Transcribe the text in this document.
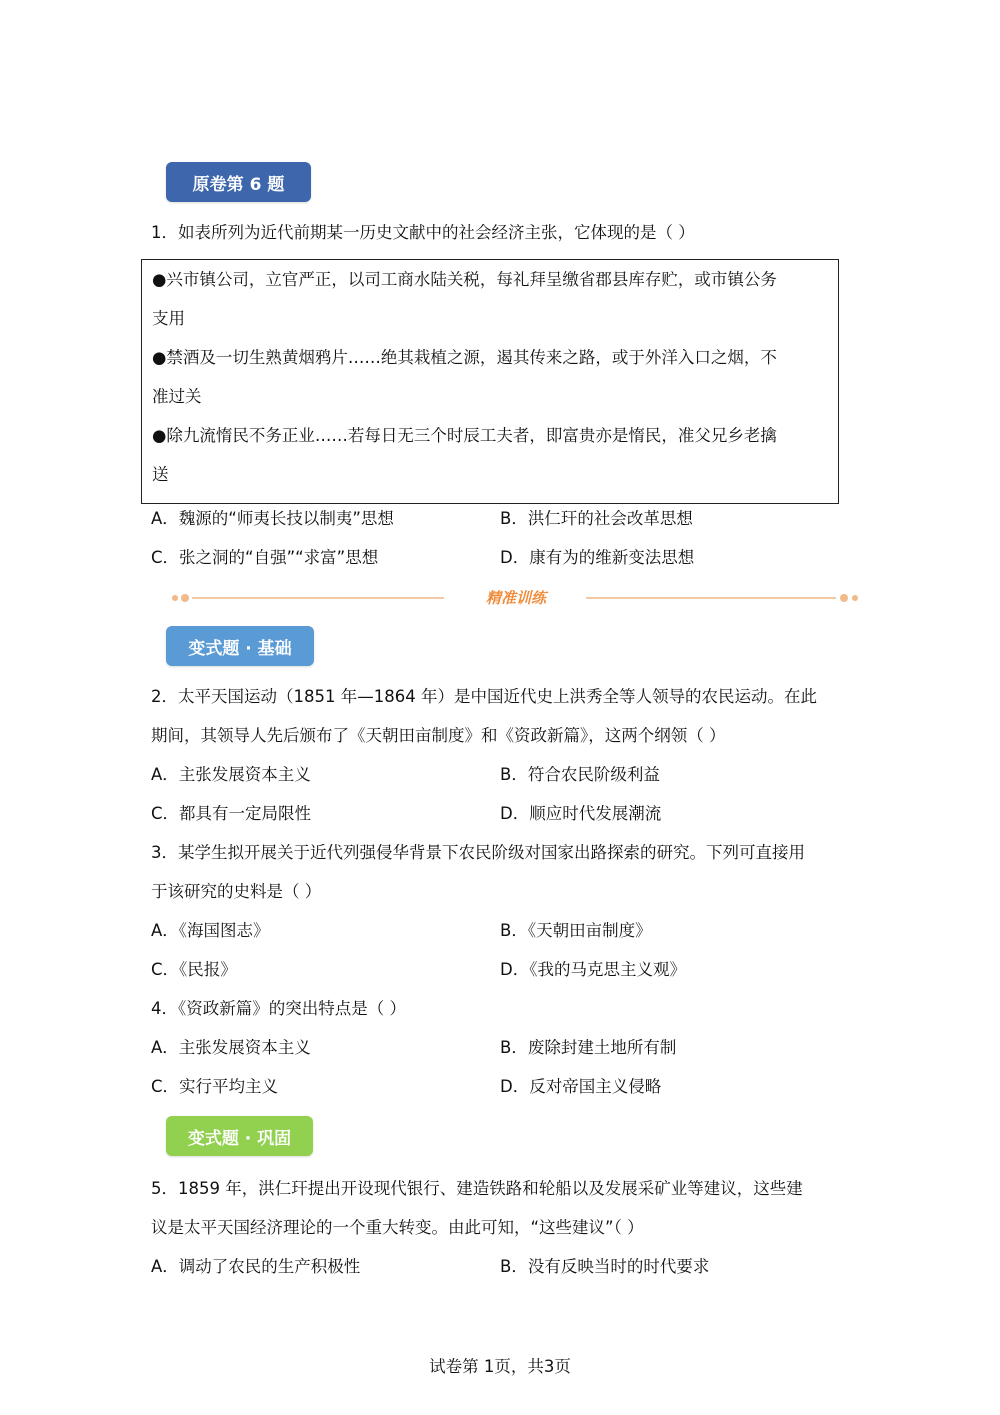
原卷第 6 题
1．如表所列为近代前期某一历史文献中的社会经济主张，它体现的是（ ）
●兴市镇公司，立官严正，以司工商水陆关税，每礼拜呈缴省郡县库存贮，或市镇公务
支用
●禁酒及一切生熟黄烟鸦片……绝其栽植之源，遏其传来之路，或于外洋入口之烟，不
准过关
●除九流惰民不务正业……若每日无三个时辰工夫者，即富贵亦是惰民，准父兄乡老擒
送
A．魏源的“师夷长技以制夷”思想	B．洪仁玕的社会改革思想
C．张之洞的“自强”“求富”思想	D．康有为的维新变法思想
精准训练
变式题 · 基础
2．太平天国运动（1851 年—1864 年）是中国近代史上洪秀全等人领导的农民运动。在此
期间，其领导人先后颁布了《天朝田亩制度》和《资政新篇》，这两个纲领（ ）
A．主张发展资本主义	B．符合农民阶级利益
C．都具有一定局限性	D．顺应时代发展潮流
3．某学生拟开展关于近代列强侵华背景下农民阶级对国家出路探索的研究。下列可直接用
于该研究的史料是（ ）
A．《海国图志》	B．《天朝田亩制度》
C．《民报》	D．《我的马克思主义观》
4．《资政新篇》的突出特点是（ ）
A．主张发展资本主义	B．废除封建土地所有制
C．实行平均主义	D．反对帝国主义侵略
变式题 · 巩固
5．1859 年，洪仁玕提出开设现代银行、建造铁路和轮船以及发展采矿业等建议，这些建
议是太平天国经济理论的一个重大转变。由此可知，“这些建议”（ ）
A．调动了农民的生产积极性	B．没有反映当时的时代要求
试卷第 1页，共3页
